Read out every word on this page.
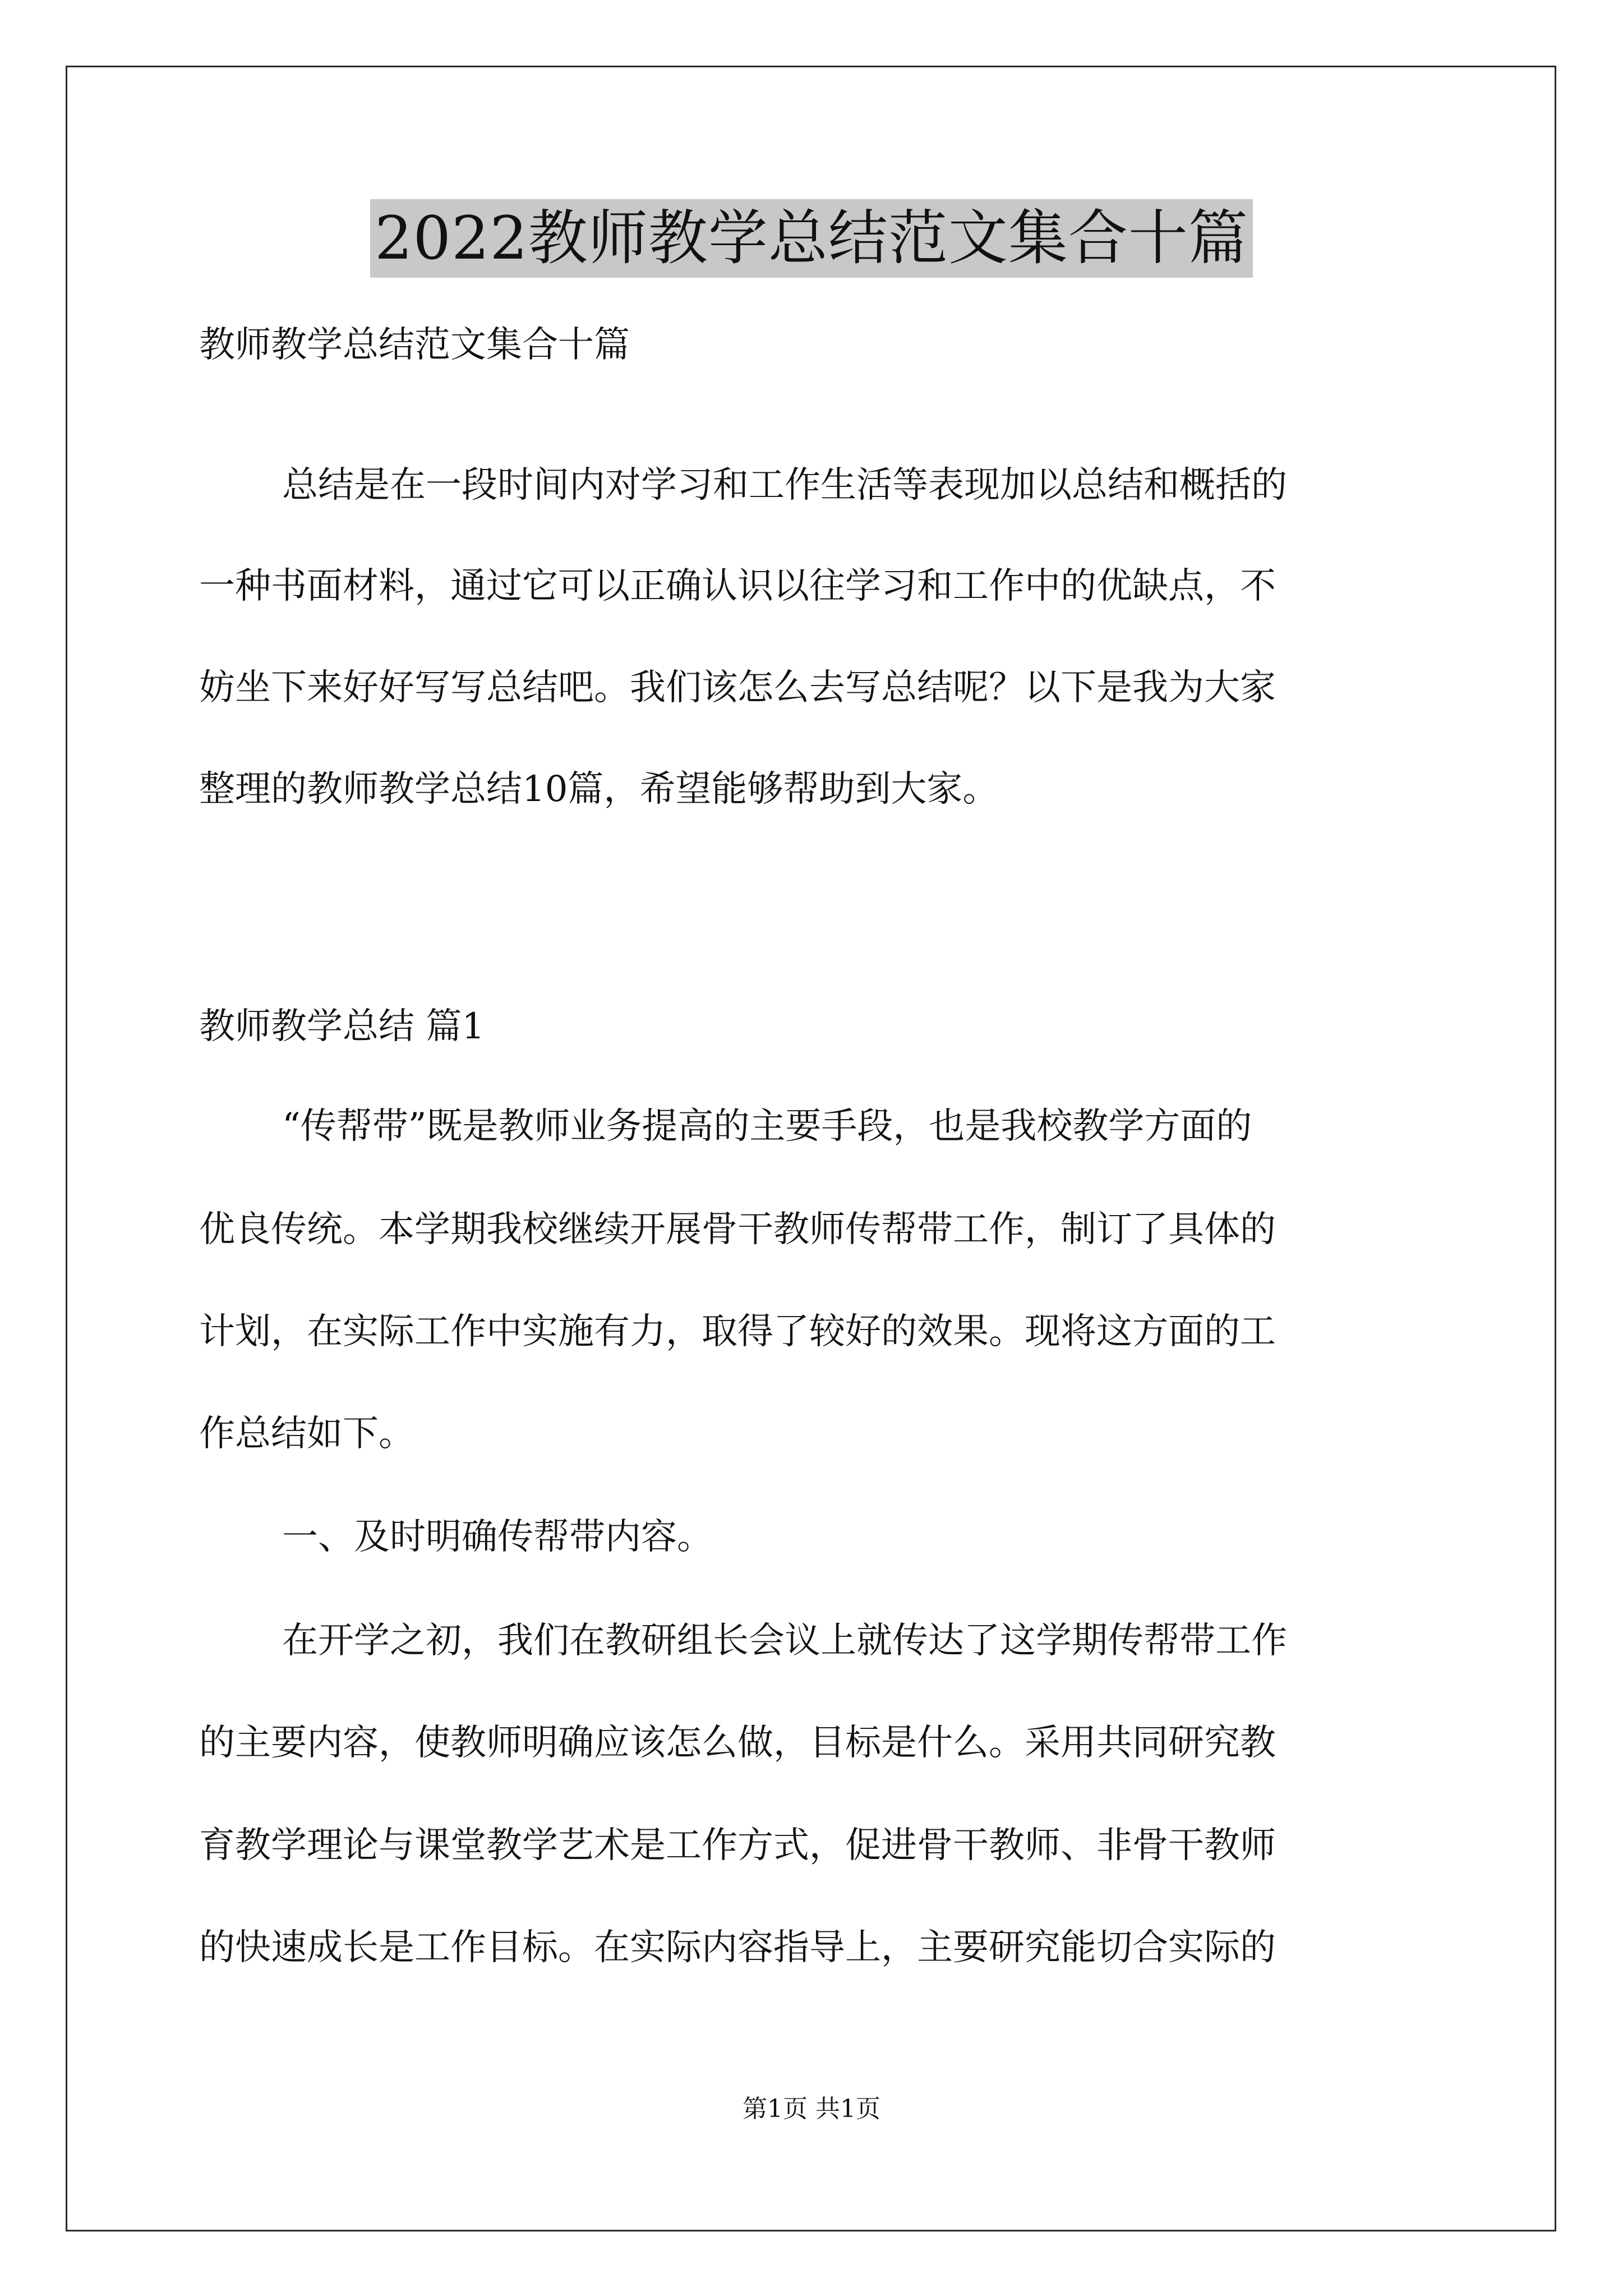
2022教师教学总结范文集合十篇
教师教学总结范文集合十篇
总结是在一段时间内对学习和工作生活等表现加以总结和概括的
一种书面材料，通过它可以正确认识以往学习和工作中的优缺点，不
妨坐下来好好写写总结吧。我们该怎么去写总结呢？以下是我为大家
整理的教师教学总结10篇，希望能够帮助到大家。
教师教学总结 篇1
“传帮带”既是教师业务提高的主要手段，也是我校教学方面的
优良传统。本学期我校继续开展骨干教师传帮带工作，制订了具体的
计划，在实际工作中实施有力，取得了较好的效果。现将这方面的工
作总结如下。
一、及时明确传帮带内容。
在开学之初，我们在教研组长会议上就传达了这学期传帮带工作
的主要内容，使教师明确应该怎么做，目标是什么。采用共同研究教
育教学理论与课堂教学艺术是工作方式，促进骨干教师、非骨干教师
的快速成长是工作目标。在实际内容指导上，主要研究能切合实际的
第1页 共1页
